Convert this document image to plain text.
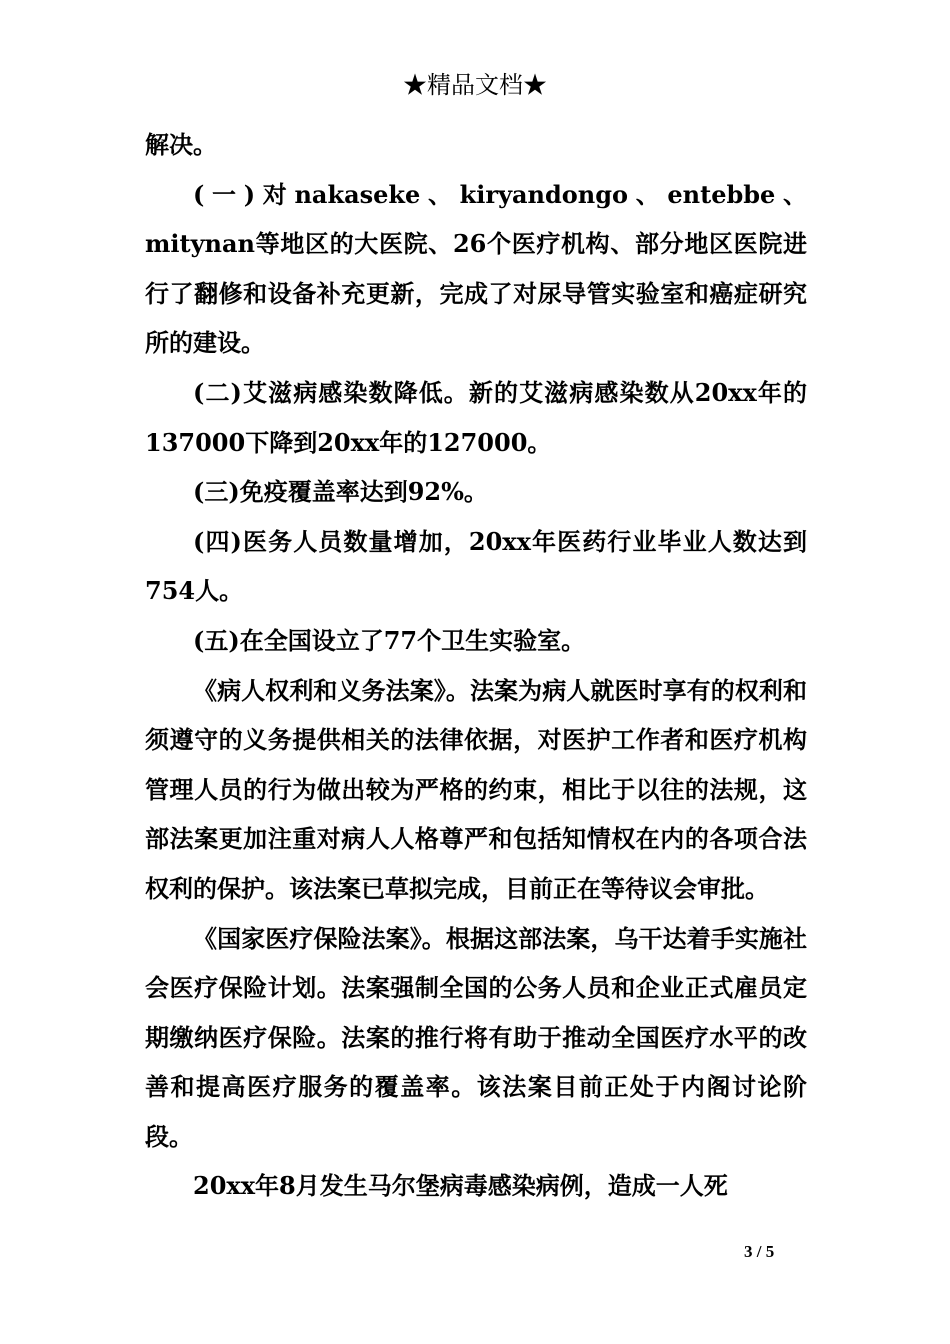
★精品文档★

解决。

(一)对nakaseke、kiryandongo、entebbe、mitynan等地区的大医院、26个医疗机构、部分地区医院进行了翻修和设备补充更新，完成了对尿导管实验室和癌症研究所的建设。

(二)艾滋病感染数降低。新的艾滋病感染数从20xx年的137000下降到20xx年的127000。

(三)免疫覆盖率达到92%。

(四)医务人员数量增加，20xx年医药行业毕业人数达到754人。

(五)在全国设立了77个卫生实验室。

《病人权利和义务法案》。法案为病人就医时享有的权利和须遵守的义务提供相关的法律依据，对医护工作者和医疗机构管理人员的行为做出较为严格的约束，相比于以往的法规，这部法案更加注重对病人人格尊严和包括知情权在内的各项合法权利的保护。该法案已草拟完成，目前正在等待议会审批。

《国家医疗保险法案》。根据这部法案，乌干达着手实施社会医疗保险计划。法案强制全国的公务人员和企业正式雇员定期缴纳医疗保险。法案的推行将有助于推动全国医疗水平的改善和提高医疗服务的覆盖率。该法案目前正处于内阁讨论阶段。

20xx年8月发生马尔堡病毒感染病例，造成一人死

3 / 5
